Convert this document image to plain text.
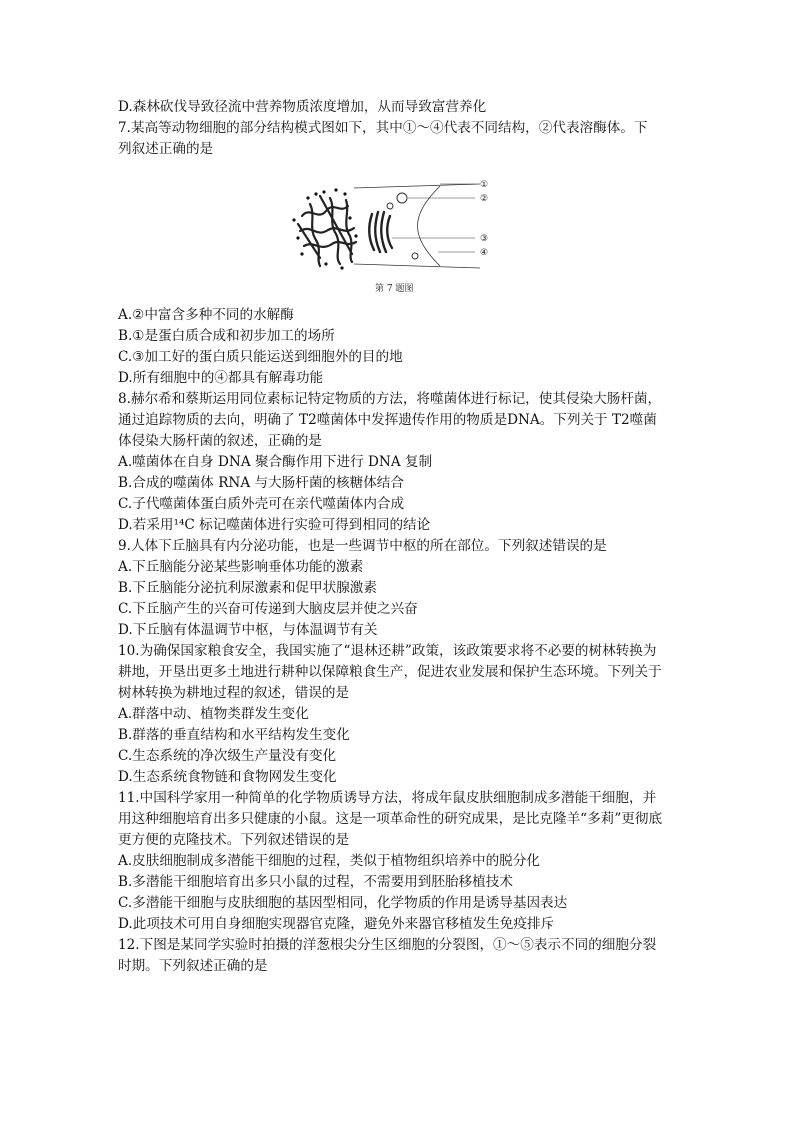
D.森林砍伐导致径流中营养物质浓度增加，从而导致富营养化
7.某高等动物细胞的部分结构模式图如下，其中①～④代表不同结构，②代表溶酶体。下
列叙述正确的是
①
②
③
④
第 7 题图
A.②中富含多种不同的水解酶
B.①是蛋白质合成和初步加工的场所
C.③加工好的蛋白质只能运送到细胞外的目的地
D.所有细胞中的④都具有解毒功能
8.赫尔希和蔡斯运用同位素标记特定物质的方法，将噬菌体进行标记，使其侵染大肠杆菌，
通过追踪物质的去向，明确了 T2噬菌体中发挥遗传作用的物质是DNA。下列关于 T2噬菌
体侵染大肠杆菌的叙述，正确的是
A.噬菌体在自身 DNA 聚合酶作用下进行 DNA 复制
B.合成的噬菌体 RNA 与大肠杆菌的核糖体结合
C.子代噬菌体蛋白质外壳可在亲代噬菌体内合成
D.若采用¹⁴C 标记噬菌体进行实验可得到相同的结论
9.人体下丘脑具有内分泌功能，也是一些调节中枢的所在部位。下列叙述错误的是
A.下丘脑能分泌某些影响垂体功能的激素
B.下丘脑能分泌抗利尿激素和促甲状腺激素
C.下丘脑产生的兴奋可传递到大脑皮层并使之兴奋
D.下丘脑有体温调节中枢，与体温调节有关
10.为确保国家粮食安全，我国实施了“退林还耕”政策，该政策要求将不必要的树林转换为
耕地，开垦出更多土地进行耕种以保障粮食生产，促进农业发展和保护生态环境。下列关于
树林转换为耕地过程的叙述，错误的是
A.群落中动、植物类群发生变化
B.群落的垂直结构和水平结构发生变化
C.生态系统的净次级生产量没有变化
D.生态系统食物链和食物网发生变化
11.中国科学家用一种简单的化学物质诱导方法，将成年鼠皮肤细胞制成多潜能干细胞，并
用这种细胞培育出多只健康的小鼠。这是一项革命性的研究成果，是比克隆羊“多莉”更彻底
更方便的克隆技术。下列叙述错误的是
A.皮肤细胞制成多潜能干细胞的过程，类似于植物组织培养中的脱分化
B.多潜能干细胞培育出多只小鼠的过程，不需要用到胚胎移植技术
C.多潜能干细胞与皮肤细胞的基因型相同，化学物质的作用是诱导基因表达
D.此项技术可用自身细胞实现器官克隆，避免外来器官移植发生免疫排斥
12.下图是某同学实验时拍摄的洋葱根尖分生区细胞的分裂图，①～⑤表示不同的细胞分裂
时期。下列叙述正确的是
